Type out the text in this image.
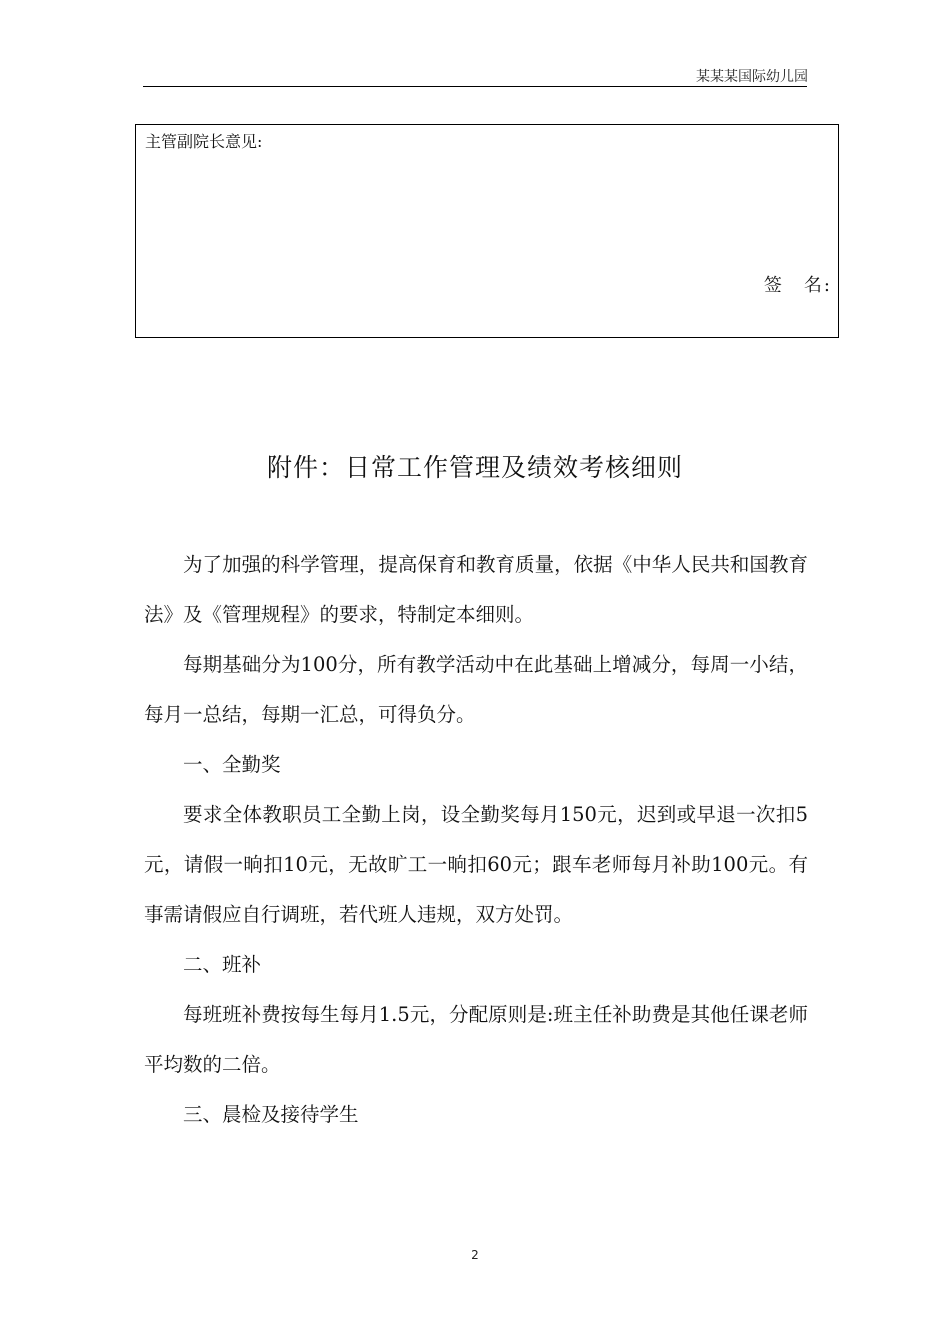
某某某国际幼儿园
主管副院长意见:
签　名:
附件：日常工作管理及绩效考核细则

为了加强的科学管理，提高保育和教育质量，依据《中华人民共和国教育法》及《管理规程》的要求，特制定本细则。

每期基础分为100分，所有教学活动中在此基础上增减分，每周一小结，每月一总结，每期一汇总，可得负分。

一、全勤奖

要求全体教职员工全勤上岗，设全勤奖每月150元，迟到或早退一次扣5元，请假一晌扣10元，无故旷工一晌扣60元；跟车老师每月补助100元。有事需请假应自行调班，若代班人违规，双方处罚。

二、班补

每班班补费按每生每月1.5元，分配原则是:班主任补助费是其他任课老师平均数的二倍。

三、晨检及接待学生

2
